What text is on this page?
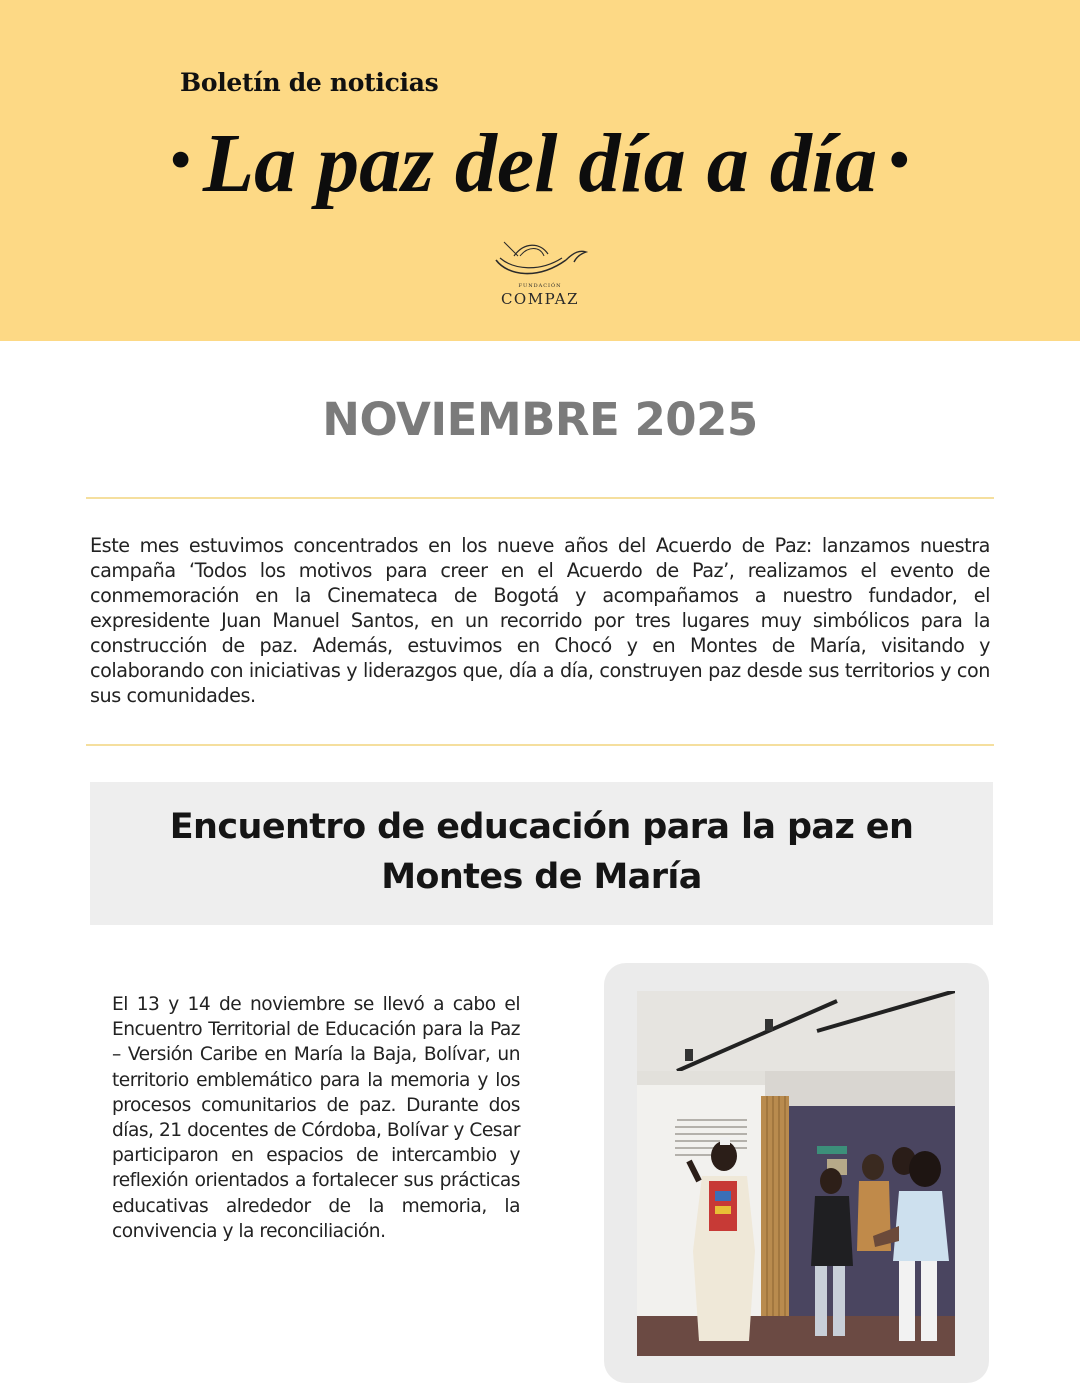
Boletín de noticias
• La paz del día a día •
FUNDACIÓN
COMPAZ
NOVIEMBRE 2025

Este mes estuvimos concentrados en los nueve años del Acuerdo de Paz: lanzamos nuestra campaña ‘Todos los motivos para creer en el Acuerdo de Paz’, realizamos el evento de conmemoración en la Cinemateca de Bogotá y acompañamos a nuestro fundador, el expresidente Juan Manuel Santos, en un recorrido por tres lugares muy simbólicos para la construcción de paz. Además, estuvimos en Chocó y en Montes de María, visitando y colaborando con iniciativas y liderazgos que, día a día, construyen paz desde sus territorios y con sus comunidades.

Encuentro de educación para la paz en
Montes de María

El 13 y 14 de noviembre se llevó a cabo el Encuentro Territorial de Educación para la Paz – Versión Caribe en María la Baja, Bolívar, un territorio emblemático para la memoria y los procesos comunitarios de paz. Durante dos días, 21 docentes de Córdoba, Bolívar y Cesar participaron en espacios de intercambio y reflexión orientados a fortalecer sus prácticas educativas alrededor de la memoria, la convivencia y la reconciliación.
